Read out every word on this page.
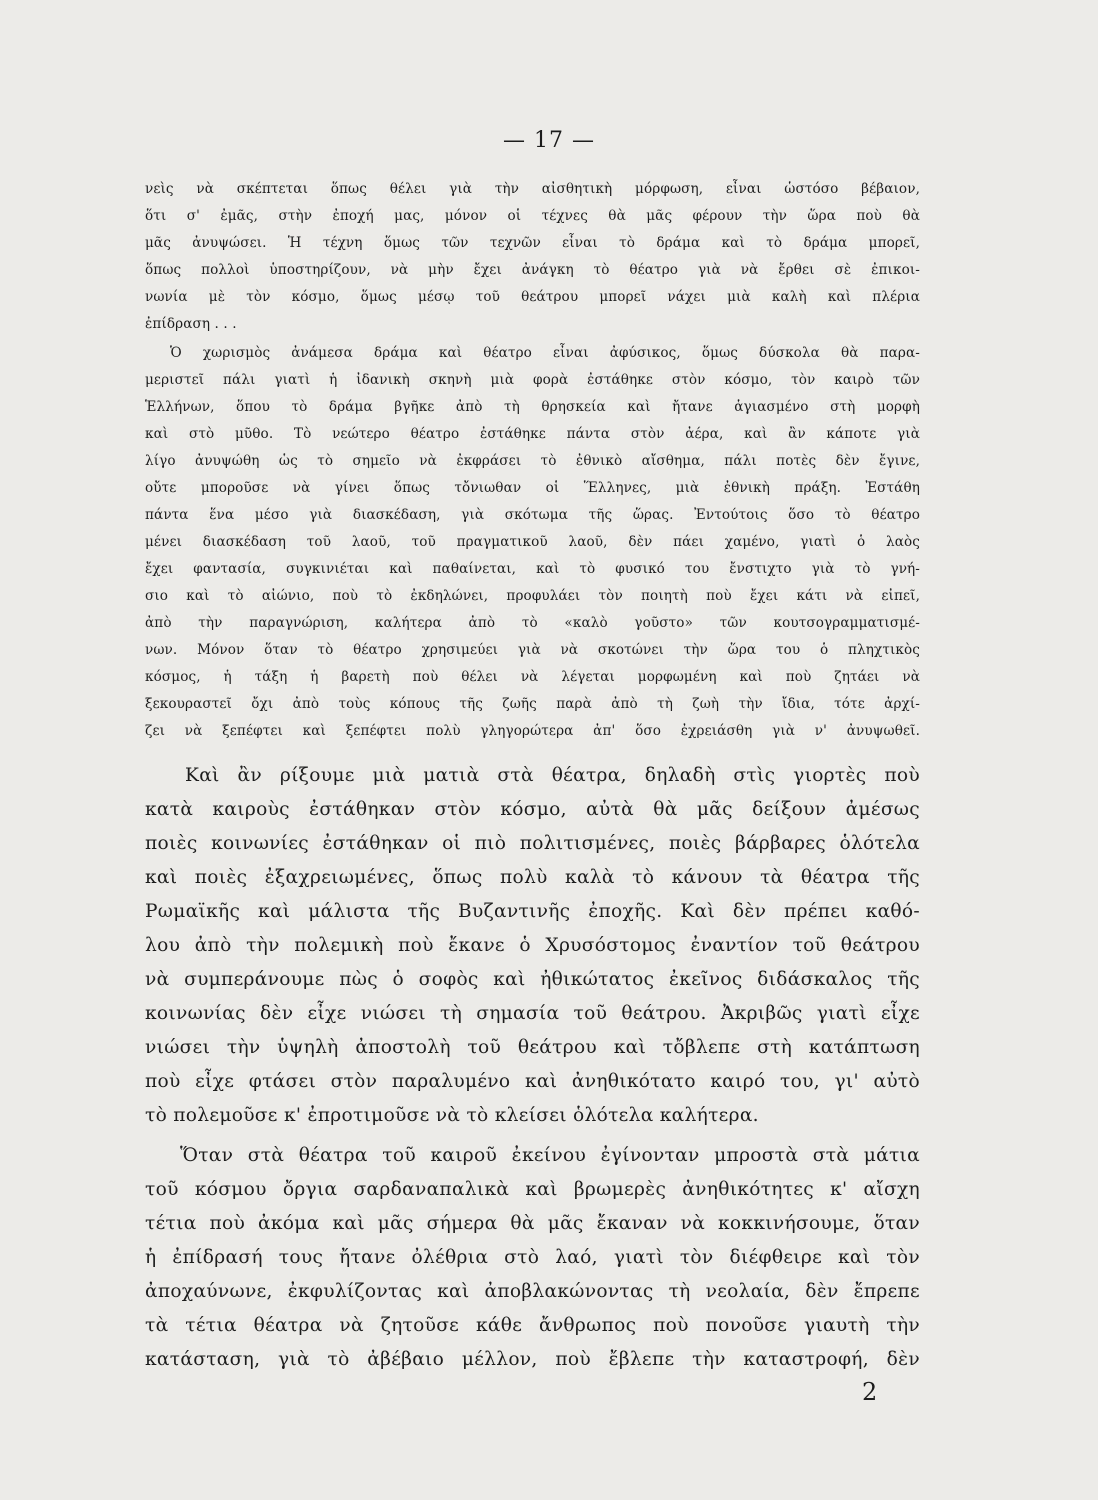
— 17 —
νεὶς νὰ σκέπτεται ὅπως θέλει γιὰ τὴν αἰσθητικὴ μόρφωση, εἶναι ὡστόσο βέβαιον,
ὅτι σ' ἐμᾶς, στὴν ἐποχή μας, μόνον οἱ τέχνες θὰ μᾶς φέρουν τὴν ὥρα ποὺ θὰ
μᾶς ἀνυψώσει. Ἡ τέχνη ὅμως τῶν τεχνῶν εἶναι τὸ δράμα καὶ τὸ δράμα μπορεῖ,
ὅπως πολλοὶ ὑποστηρίζουν, νὰ μὴν ἔχει ἀνάγκη τὸ θέατρο γιὰ νὰ ἔρθει σὲ ἐπικοι-
νωνία μὲ τὸν κόσμο, ὅμως μέσῳ τοῦ θεάτρου μπορεῖ νάχει μιὰ καλὴ καὶ πλέρια
ἐπίδραση . . .
Ὁ χωρισμὸς ἀνάμεσα δράμα καὶ θέατρο εἶναι ἀφύσικος, ὅμως δύσκολα θὰ παρα-
μεριστεῖ πάλι γιατὶ ἡ ἰδανικὴ σκηνὴ μιὰ φορὰ ἐστάθηκε στὸν κόσμο, τὸν καιρὸ τῶν
Ἑλλήνων, ὅπου τὸ δράμα βγῆκε ἀπὸ τὴ θρησκεία καὶ ἤτανε ἁγιασμένο στὴ μορφὴ
καὶ στὸ μῦθο. Τὸ νεώτερο θέατρο ἐστάθηκε πάντα στὸν ἀέρα, καὶ ἂν κάποτε γιὰ
λίγο ἀνυψώθη ὡς τὸ σημεῖο νὰ ἐκφράσει τὸ ἐθνικὸ αἴσθημα, πάλι ποτὲς δὲν ἔγινε,
οὔτε μποροῦσε νὰ γίνει ὅπως τὄνιωθαν οἱ Ἕλληνες, μιὰ ἐθνικὴ πράξη. Ἐστάθη
πάντα ἕνα μέσο γιὰ διασκέδαση, γιὰ σκότωμα τῆς ὥρας. Ἐντούτοις ὅσο τὸ θέατρο
μένει διασκέδαση τοῦ λαοῦ, τοῦ πραγματικοῦ λαοῦ, δὲν πάει χαμένο, γιατὶ ὁ λαὸς
ἔχει φαντασία, συγκινιέται καὶ παθαίνεται, καὶ τὸ φυσικό του ἔνστιχτο γιὰ τὸ γνή-
σιο καὶ τὸ αἰώνιο, ποὺ τὸ ἐκδηλώνει, προφυλάει τὸν ποιητὴ ποὺ ἔχει κάτι νὰ εἰπεῖ,
ἀπὸ τὴν παραγνώριση, καλήτερα ἀπὸ τὸ «καλὸ γοῦστο» τῶν κουτσογραμματισμέ-
νων. Μόνον ὅταν τὸ θέατρο χρησιμεύει γιὰ νὰ σκοτώνει τὴν ὥρα του ὁ πληχτικὸς
κόσμος, ἡ τάξη ἡ βαρετὴ ποὺ θέλει νὰ λέγεται μορφωμένη καὶ ποὺ ζητάει νὰ
ξεκουραστεῖ ὄχι ἀπὸ τοὺς κόπους τῆς ζωῆς παρὰ ἀπὸ τὴ ζωὴ τὴν ἴδια, τότε ἀρχί-
ζει νὰ ξεπέφτει καὶ ξεπέφτει πολὺ γληγορώτερα ἀπ' ὅσο ἐχρειάσθη γιὰ ν' ἀνυψωθεῖ.
Καὶ ἂν ρίξουμε μιὰ ματιὰ στὰ θέατρα, δηλαδὴ στὶς γιορτὲς ποὺ
κατὰ καιροὺς ἐστάθηκαν στὸν κόσμο, αὐτὰ θὰ μᾶς δείξουν ἀμέσως
ποιὲς κοινωνίες ἐστάθηκαν οἱ πιὸ πολιτισμένες, ποιὲς βάρβαρες ὁλότελα
καὶ ποιὲς ἐξαχρειωμένες, ὅπως πολὺ καλὰ τὸ κάνουν τὰ θέατρα τῆς
Ρωμαϊκῆς καὶ μάλιστα τῆς Βυζαντινῆς ἐποχῆς. Καὶ δὲν πρέπει καθό-
λου ἀπὸ τὴν πολεμικὴ ποὺ ἔκανε ὁ Χρυσόστομος ἐναντίον τοῦ θεάτρου
νὰ συμπεράνουμε πὼς ὁ σοφὸς καὶ ἠθικώτατος ἐκεῖνος διδάσκαλος τῆς
κοινωνίας δὲν εἶχε νιώσει τὴ σημασία τοῦ θεάτρου. Ἀκριβῶς γιατὶ εἶχε
νιώσει τὴν ὑψηλὴ ἀποστολὴ τοῦ θεάτρου καὶ τὄβλεπε στὴ κατάπτωση
ποὺ εἶχε φτάσει στὸν παραλυμένο καὶ ἀνηθικότατο καιρό του, γι' αὐτὸ
τὸ πολεμοῦσε κ' ἐπροτιμοῦσε νὰ τὸ κλείσει ὁλότελα καλήτερα.
Ὅταν στὰ θέατρα τοῦ καιροῦ ἐκείνου ἐγίνονταν μπροστὰ στὰ μάτια
τοῦ κόσμου ὄργια σαρδαναπαλικὰ καὶ βρωμερὲς ἀνηθικότητες κ' αἴσχη
τέτια ποὺ ἀκόμα καὶ μᾶς σήμερα θὰ μᾶς ἔκαναν νὰ κοκκινήσουμε, ὅταν
ἡ ἐπίδρασή τους ἤτανε ὀλέθρια στὸ λαό, γιατὶ τὸν διέφθειρε καὶ τὸν
ἀποχαύνωνε, ἐκφυλίζοντας καὶ ἀποβλακώνοντας τὴ νεολαία, δὲν ἔπρεπε
τὰ τέτια θέατρα νὰ ζητοῦσε κάθε ἄνθρωπος ποὺ πονοῦσε γιαυτὴ τὴν
κατάσταση, γιὰ τὸ ἀβέβαιο μέλλον, ποὺ ἔβλεπε τὴν καταστροφή, δὲν
2
